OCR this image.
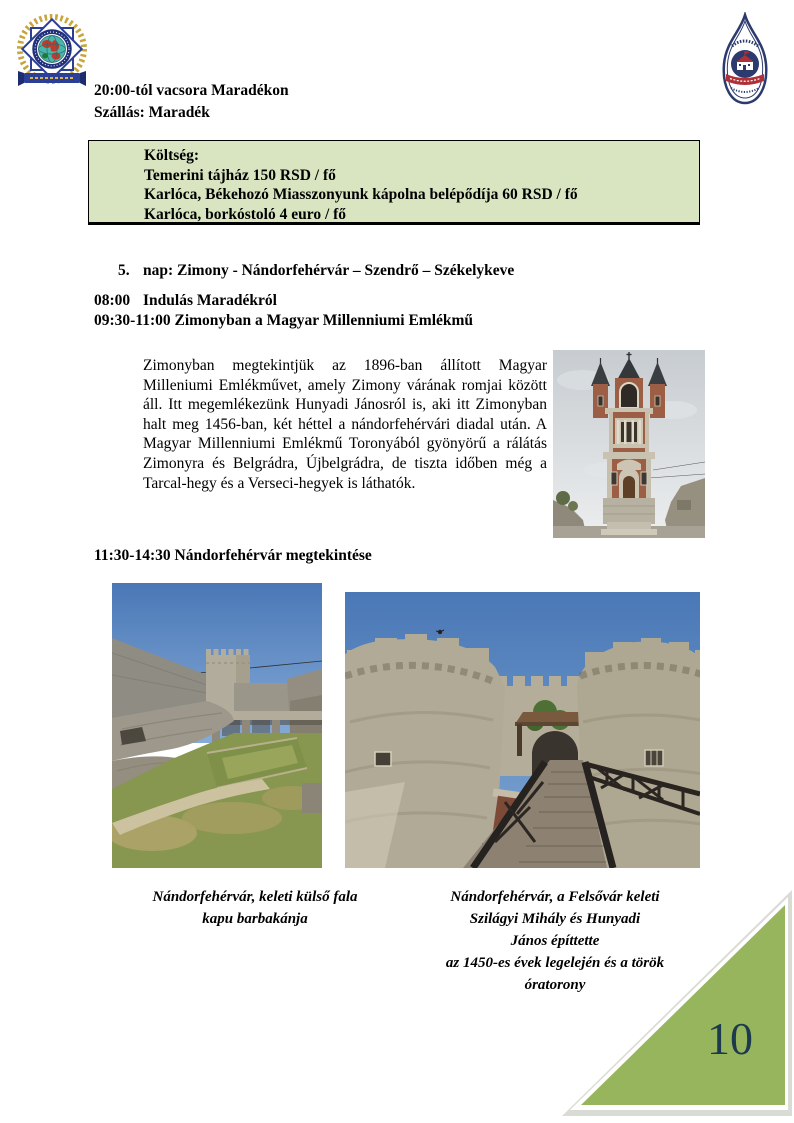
20:00-tól vacsora Maradékon
Szállás: Maradék
Költség:
Temerini tájház 150 RSD / fő
Karlóca, Békehozó Miasszonyunk kápolna belépődíja 60 RSD / fő
Karlóca, borkóstoló 4 euro / fő
5. nap: Zimony - Nándorfehérvár – Szendrő – Székelykeve
08:00 Indulás Maradékról
09:30-11:00 Zimonyban a Magyar Millenniumi Emlékmű
Zimonyban megtekintjük az 1896-ban állított Magyar Milleniumi Emlékművet, amely Zimony várának romjai között áll. Itt megemlékezünk Hunyadi Jánosról is, aki itt Zimonyban halt meg 1456-ban, két héttel a nándorfehérvári diadal után. A Magyar Millenniumi Emlékmű Toronyából gyönyörű a rálátás Zimonyra és Belgrádra, Újbelgrádra, de tiszta időben még a Tarcal-hegy és a Verseci-hegyek is láthatók.
11:30-14:30 Nándorfehérvár megtekintése
Nándorfehérvár, keleti külső fala
kapu barbakánja
Nándorfehérvár, a Felsővár keleti
Szilágyi Mihály és Hunyadi
János építtette
az 1450-es évek legelején és a török
óratorony
10
